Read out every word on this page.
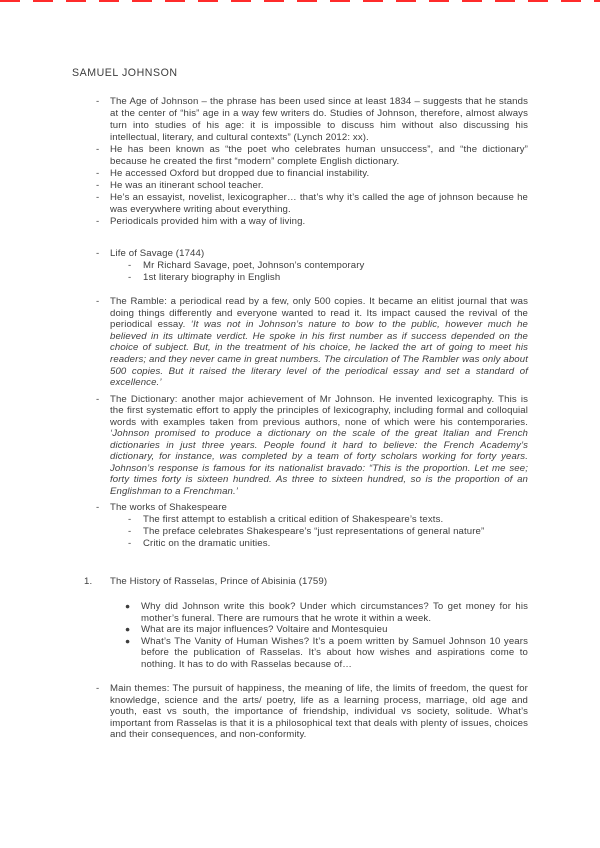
SAMUEL JOHNSON
-	The Age of Johnson – the phrase has been used since at least 1834 – suggests that he stands at the center of “his” age in a way few writers do. Studies of Johnson, therefore, almost always turn into studies of his age: it is impossible to discuss him without also discussing his intellectual, literary, and cultural contexts” (Lynch 2012: xx).
-	He has been known as “the poet who celebrates human unsuccess”, and “the dictionary” because he created the first “modern” complete English dictionary.
-	He accessed Oxford but dropped due to financial instability.
-	He was an itinerant school teacher.
-	He’s an essayist, novelist, lexicographer… that’s why it’s called the age of johnson because he was everywhere writing about everything.
-	Periodicals provided him with a way of living.
-	Life of Savage (1744)
-	Mr Richard Savage, poet, Johnson’s contemporary
-	1st literary biography in English
-	The Ramble: a periodical read by a few, only 500 copies. It became an elitist journal that was doing things differently and everyone wanted to read it. Its impact caused the revival of the periodical essay. ‘It was not in Johnson’s nature to bow to the public, however much he believed in its ultimate verdict. He spoke in his first number as if success depended on the choice of subject. But, in the treatment of his choice, he lacked the art of going to meet his readers; and they never came in great numbers. The circulation of The Rambler was only about 500 copies. But it raised the literary level of the periodical essay and set a standard of excellence.’
-	The Dictionary: another major achievement of Mr Johnson. He invented lexicography. This is the first systematic effort to apply the principles of lexicography, including formal and colloquial words with examples taken from previous authors, none of which were his contemporaries. ‘Johnson promised to produce a dictionary on the scale of the great Italian and French dictionaries in just three years. People found it hard to believe: the French Academy’s dictionary, for instance, was completed by a team of forty scholars working for forty years. Johnson’s response is famous for its nationalist bravado: “This is the proportion. Let me see; forty times forty is sixteen hundred. As three to sixteen hundred, so is the proportion of an Englishman to a Frenchman.’
-	The works of Shakespeare
-	The first attempt to establish a critical edition of Shakespeare’s texts.
-	The preface celebrates Shakespeare’s “just representations of general nature”
-	Critic on the dramatic unities.
1.	The History of Rasselas, Prince of Abisinia (1759)
●	Why did Johnson write this book? Under which circumstances? To get money for his mother’s funeral. There are rumours that he wrote it within a week.
●	What are its major influences? Voltaire and Montesquieu
●	What’s The Vanity of Human Wishes? It’s a poem written by Samuel Johnson 10 years before the publication of Rasselas. It’s about how wishes and aspirations come to nothing. It has to do with Rasselas because of…
-	Main themes: The pursuit of happiness, the meaning of life, the limits of freedom, the quest for knowledge, science and the arts/ poetry, life as a learning process, marriage, old age and youth, east vs south, the importance of friendship, individual vs society, solitude. What’s important from Rasselas is that it is a philosophical text that deals with plenty of issues, choices and their consequences, and non-conformity.
